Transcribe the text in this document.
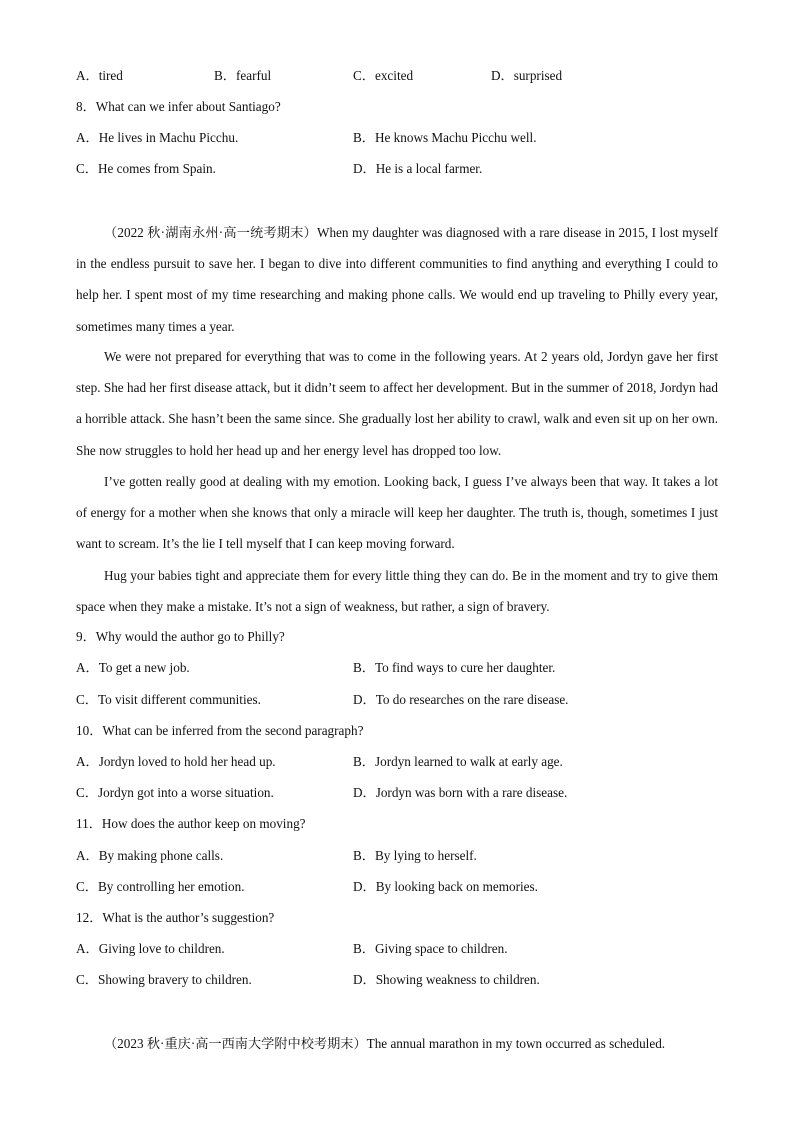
A．tired	B．fearful	C．excited	D．surprised
8．What can we infer about Santiago?
A．He lives in Machu Picchu.	B．He knows Machu Picchu well.
C．He comes from Spain.	D．He is a local farmer.
（2022 秋·湖南永州·高一统考期末）When my daughter was diagnosed with a rare disease in 2015, I lost myself in the endless pursuit to save her. I began to dive into different communities to find anything and everything I could to help her. I spent most of my time researching and making phone calls. We would end up traveling to Philly every year, sometimes many times a year.
We were not prepared for everything that was to come in the following years. At 2 years old, Jordyn gave her first step. She had her first disease attack, but it didn’t seem to affect her development. But in the summer of 2018, Jordyn had a horrible attack. She hasn’t been the same since. She gradually lost her ability to crawl, walk and even sit up on her own. She now struggles to hold her head up and her energy level has dropped too low.
I’ve gotten really good at dealing with my emotion. Looking back, I guess I’ve always been that way. It takes a lot of energy for a mother when she knows that only a miracle will keep her daughter. The truth is, though, sometimes I just want to scream. It’s the lie I tell myself that I can keep moving forward.
Hug your babies tight and appreciate them for every little thing they can do. Be in the moment and try to give them space when they make a mistake. It’s not a sign of weakness, but rather, a sign of bravery.
9．Why would the author go to Philly?
A．To get a new job.	B．To find ways to cure her daughter.
C．To visit different communities.	D．To do researches on the rare disease.
10．What can be inferred from the second paragraph?
A．Jordyn loved to hold her head up.	B．Jordyn learned to walk at early age.
C．Jordyn got into a worse situation.	D．Jordyn was born with a rare disease.
11．How does the author keep on moving?
A．By making phone calls.	B．By lying to herself.
C．By controlling her emotion.	D．By looking back on memories.
12．What is the author’s suggestion?
A．Giving love to children.	B．Giving space to children.
C．Showing bravery to children.	D．Showing weakness to children.
（2023 秋·重庆·高一西南大学附中校考期末）The annual marathon in my town occurred as scheduled.
